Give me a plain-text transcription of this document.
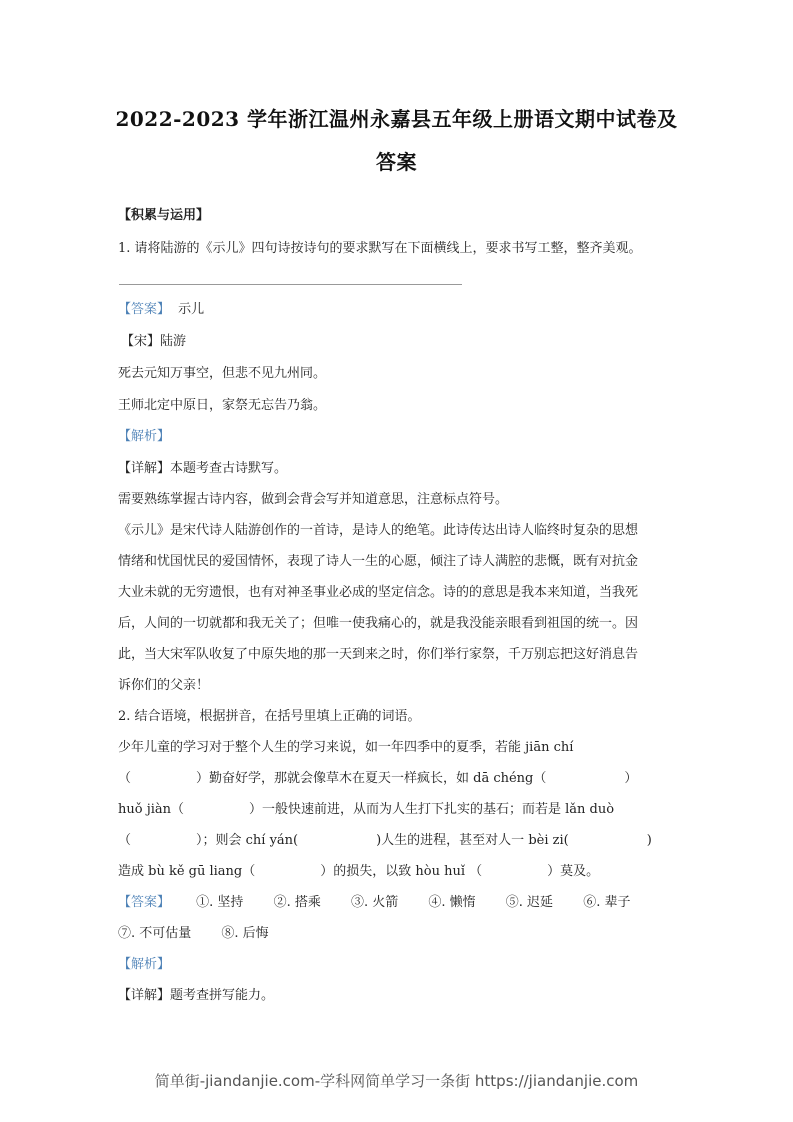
2022-2023 学年浙江温州永嘉县五年级上册语文期中试卷及
答案
【积累与运用】
1. 请将陆游的《示儿》四句诗按诗句的要求默写在下面横线上，要求书写工整，整齐美观。
【答案】 示儿
【宋】陆游
死去元知万事空，但悲不见九州同。
王师北定中原日，家祭无忘告乃翁。
【解析】
【详解】本题考查古诗默写。
需要熟练掌握古诗内容，做到会背会写并知道意思，注意标点符号。
《示儿》是宋代诗人陆游创作的一首诗，是诗人的绝笔。此诗传达出诗人临终时复杂的思想
情绪和忧国忧民的爱国情怀，表现了诗人一生的心愿，倾注了诗人满腔的悲慨，既有对抗金
大业未就的无穷遗恨，也有对神圣事业必成的坚定信念。诗的的意思是我本来知道，当我死
后，人间的一切就都和我无关了；但唯一使我痛心的，就是我没能亲眼看到祖国的统一。因
此，当大宋军队收复了中原失地的那一天到来之时，你们举行家祭，千万别忘把这好消息告
诉你们的父亲！
2. 结合语境，根据拼音，在括号里填上正确的词语。
少年儿童的学习对于整个人生的学习来说，如一年四季中的夏季，若能 jiān chí
（　　　　　）勤奋好学，那就会像草木在夏天一样疯长，如 dā chéng（　　　　　　）
huǒ jiàn（　　　　　）一般快速前进，从而为人生打下扎实的基石；而若是 lǎn duò
（　　　　　）；则会 chí yán(　　　　　　)人生的进程，甚至对人一 bèi zi(　　　　　　)
造成 bù kě gū liang（　　　　　）的损失，以致 hòu huǐ （　　　　　）莫及。
【答案】 ①. 坚持 ②. 搭乘 ③. 火箭 ④. 懒惰 ⑤. 迟延 ⑥. 辈子
⑦. 不可估量 ⑧. 后悔
【解析】
【详解】题考查拼写能力。
简单街-jiandanjie.com-学科网简单学习一条街 https://jiandanjie.com
